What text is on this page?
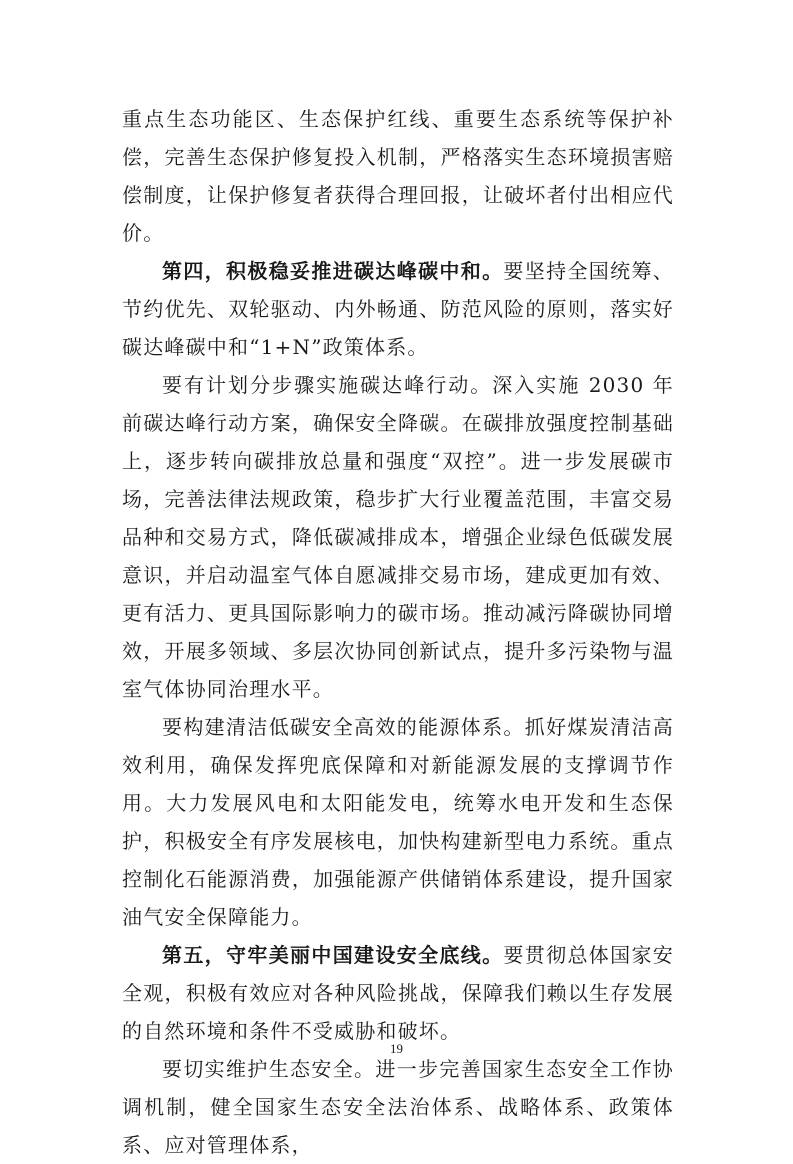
重点生态功能区、生态保护红线、重要生态系统等保护补偿，完善生态保护修复投入机制，严格落实生态环境损害赔偿制度，让保护修复者获得合理回报，让破坏者付出相应代价。

第四，积极稳妥推进碳达峰碳中和。要坚持全国统筹、节约优先、双轮驱动、内外畅通、防范风险的原则，落实好碳达峰碳中和“1+N”政策体系。

要有计划分步骤实施碳达峰行动。深入实施 2030 年前碳达峰行动方案，确保安全降碳。在碳排放强度控制基础上，逐步转向碳排放总量和强度“双控”。进一步发展碳市场，完善法律法规政策，稳步扩大行业覆盖范围，丰富交易品种和交易方式，降低碳减排成本，增强企业绿色低碳发展意识，并启动温室气体自愿减排交易市场，建成更加有效、更有活力、更具国际影响力的碳市场。推动减污降碳协同增效，开展多领域、多层次协同创新试点，提升多污染物与温室气体协同治理水平。

要构建清洁低碳安全高效的能源体系。抓好煤炭清洁高效利用，确保发挥兜底保障和对新能源发展的支撑调节作用。大力发展风电和太阳能发电，统筹水电开发和生态保护，积极安全有序发展核电，加快构建新型电力系统。重点控制化石能源消费，加强能源产供储销体系建设，提升国家油气安全保障能力。

第五，守牢美丽中国建设安全底线。要贯彻总体国家安全观，积极有效应对各种风险挑战，保障我们赖以生存发展的自然环境和条件不受威胁和破坏。

要切实维护生态安全。进一步完善国家生态安全工作协调机制，健全国家生态安全法治体系、战略体系、政策体系、应对管理体系，

19
